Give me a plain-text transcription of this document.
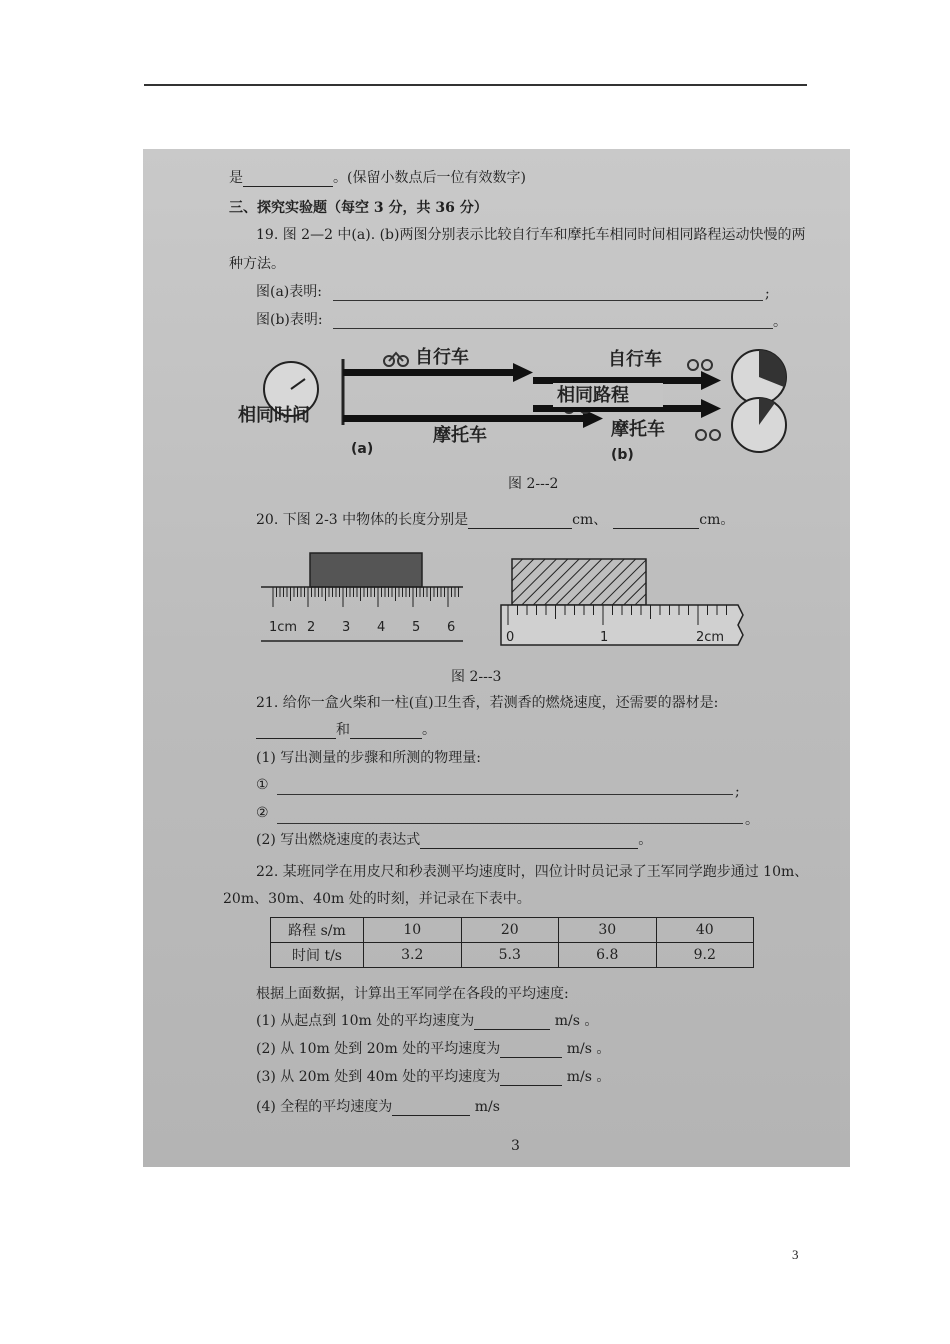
是	。(保留小数点后一位有效数字)
三、探究实验题（每空 3 分，共 36 分）
19. 图 2—2 中(a). (b)两图分别表示比较自行车和摩托车相同时间相同路程运动快慢的两
种方法。
图(a)表明:	;
图(b)表明:	。
相同时间
自行车
摩托车
(a)
自行车
相同路程
摩托车
(b)
图 2---2
20. 下图 2-3 中物体的长度分别是	cm、	cm。
1cm 2 3 4 5 6
0	1	2cm
图 2---3
21. 给你一盒火柴和一柱(直)卫生香，若测香的燃烧速度，还需要的器材是:
和	。
(1) 写出测量的步骤和所测的物理量:
①	;
②	。
(2) 写出燃烧速度的表达式	。
22. 某班同学在用皮尺和秒表测平均速度时，四位计时员记录了王军同学跑步通过 10m、
20m、30m、40m 处的时刻，并记录在下表中。
路程 s/m	10	20	30	40
时间 t/s	3.2	5.3	6.8	9.2
根据上面数据，计算出王军同学在各段的平均速度:
(1) 从起点到 10m 处的平均速度为	m/s 。
(2) 从 10m 处到 20m 处的平均速度为	m/s 。
(3) 从 20m 处到 40m 处的平均速度为	m/s 。
(4) 全程的平均速度为	m/s
3
3
